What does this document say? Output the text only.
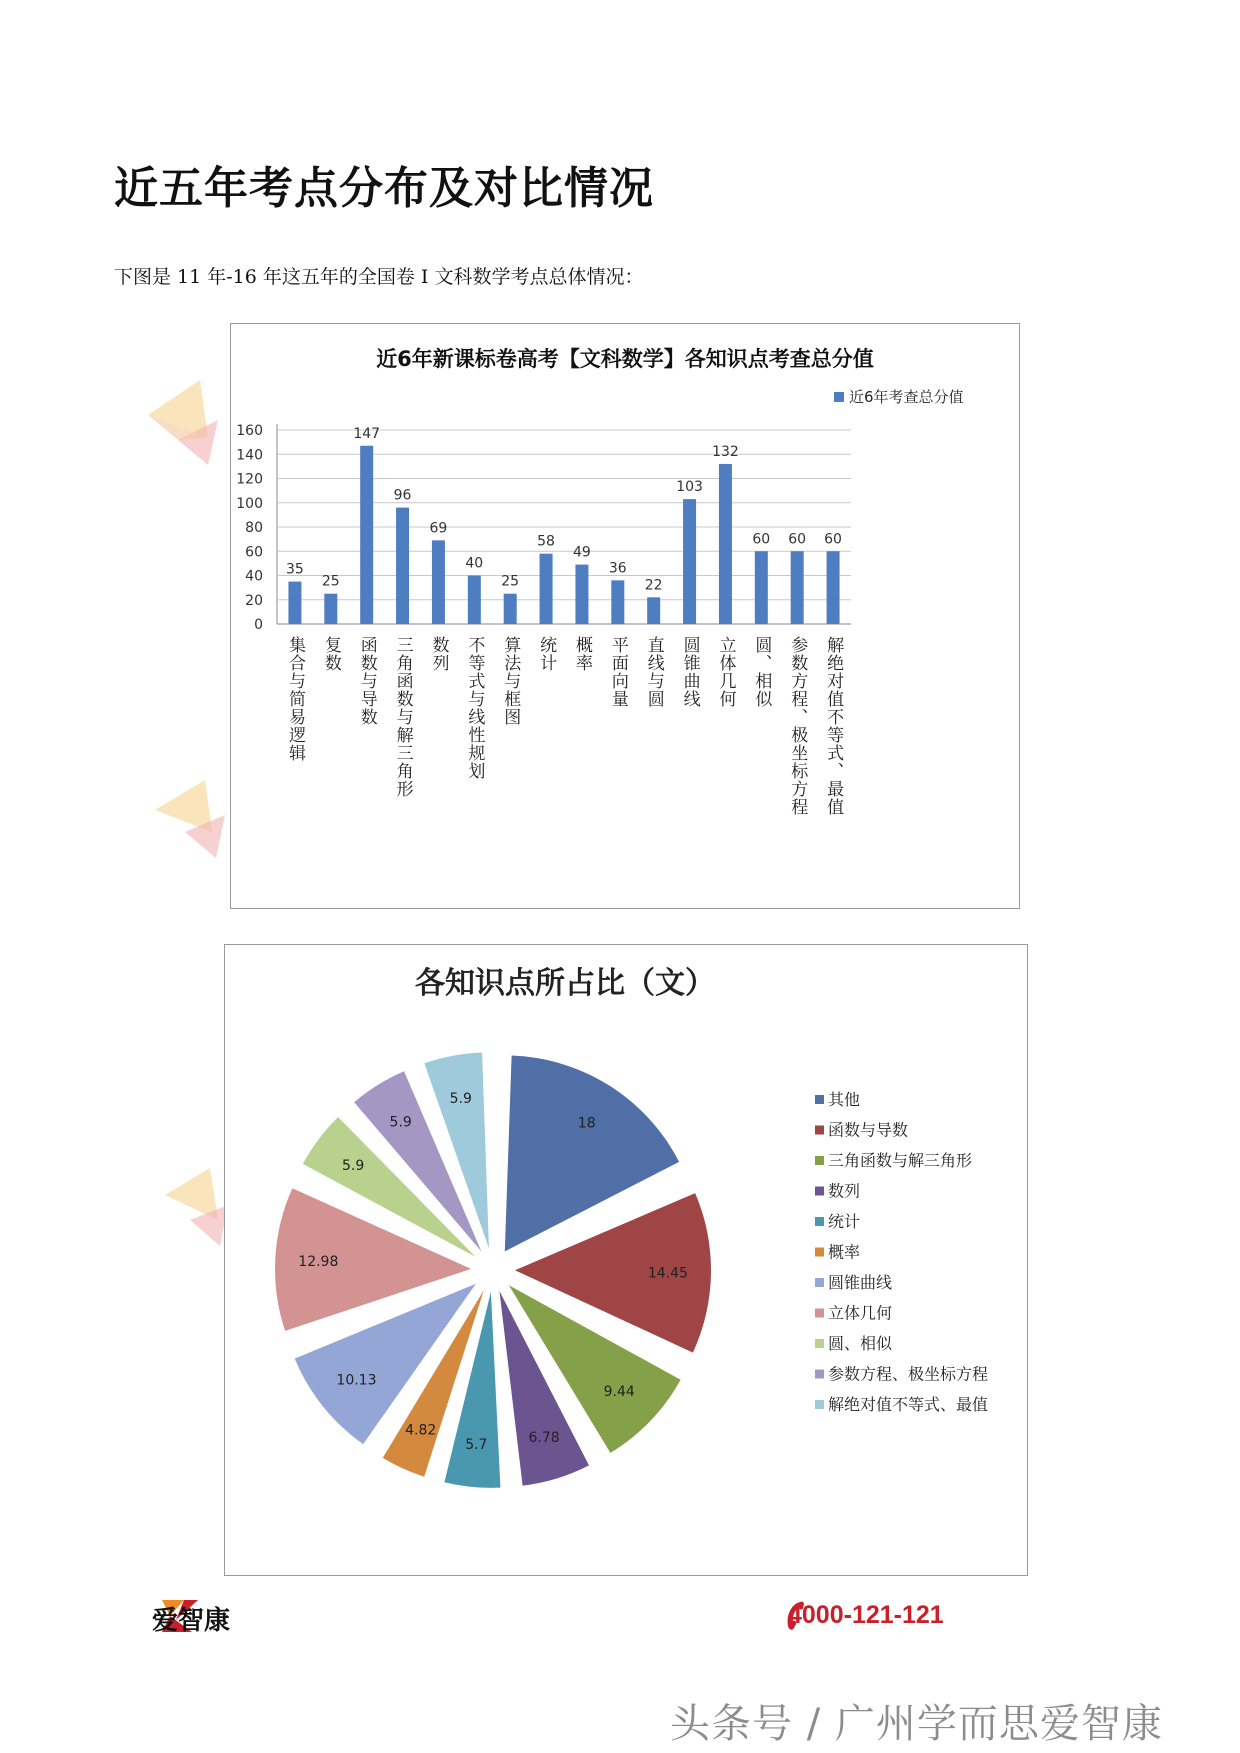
近五年考点分布及对比情况

下图是 11 年-16 年这五年的全国卷 I 文科数学考点总体情况：

近6年新课标卷高考【文科数学】各知识点考查总分值
近6年考查总分值
0
20
40
60
80
100
120
140
160
35
集合与简易逻辑
25
复数
147
函数与导数
96
三角函数与解三角形
69
数列
40
不等式与线性规划
25
算法与框图
58
统计
49
概率
36
平面向量
22
直线与圆
103
圆锥曲线
132
立体几何
60
圆、相似
60
参数方程、极坐标方程
60
解绝对值不等式、最值
各知识点所占比（文）
18
14.45
9.44
6.78
5.7
4.82
10.13
12.98
5.9
5.9
5.9	其他
函数与导数
三角函数与解三角形
数列
统计
概率
圆锥曲线
立体几何
圆、相似
参数方程、极坐标方程
解绝对值不等式、最值
爱智康	4000-121-121
头条号 / 广州学而思爱智康
